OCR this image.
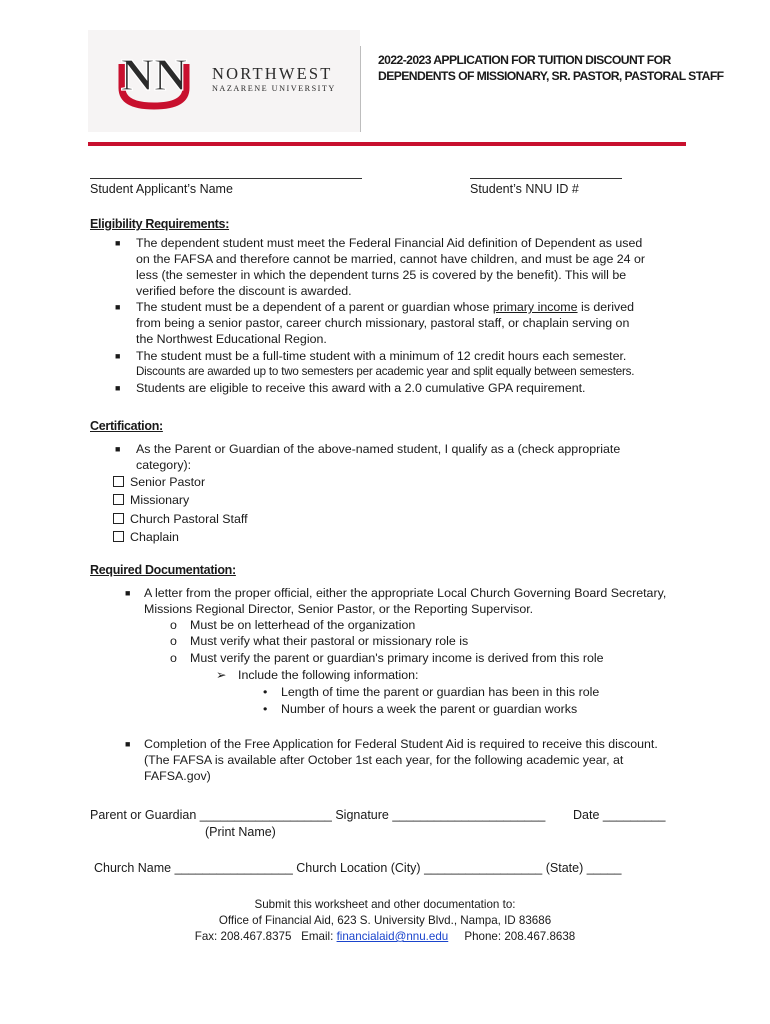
NN NORTHWEST
NAZARENE UNIVERSITY
2022-2023 APPLICATION FOR TUITION DISCOUNT FOR
DEPENDENTS OF MISSIONARY, SR. PASTOR, PASTORAL STAFF
Student Applicant’s Name	Student’s NNU ID #
Eligibility Requirements:
■ The dependent student must meet the Federal Financial Aid definition of Dependent as used
on the FAFSA and therefore cannot be married, cannot have children, and must be age 24 or
less (the semester in which the dependent turns 25 is covered by the benefit). This will be
verified before the discount is awarded.
■ The student must be a dependent of a parent or guardian whose primary income is derived
from being a senior pastor, career church missionary, pastoral staff, or chaplain serving on
the Northwest Educational Region.
■ The student must be a full-time student with a minimum of 12 credit hours each semester.
Discounts are awarded up to two semesters per academic year and split equally between semesters.
■ Students are eligible to receive this award with a 2.0 cumulative GPA requirement.
Certification:
■ As the Parent or Guardian of the above-named student, I qualify as a (check appropriate
category):
Senior Pastor
Missionary
Church Pastoral Staff
Chaplain
Required Documentation:
■ A letter from the proper official, either the appropriate Local Church Governing Board Secretary,
Missions Regional Director, Senior Pastor, or the Reporting Supervisor.
o Must be on letterhead of the organization
o Must verify what their pastoral or missionary role is
o Must verify the parent or guardian's primary income is derived from this role
➢ Include the following information:
• Length of time the parent or guardian has been in this role
• Number of hours a week the parent or guardian works
■ Completion of the Free Application for Federal Student Aid is required to receive this discount.
(The FAFSA is available after October 1st each year, for the following academic year, at
FAFSA.gov)
Parent or Guardian ___________________ Signature ______________________ Date _________
(Print Name)
Church Name _________________ Church Location (City) _________________ (State) _____
Submit this worksheet and other documentation to:
Office of Financial Aid, 623 S. University Blvd., Nampa, ID 83686
Fax: 208.467.8375 Email: financialaid@nnu.edu Phone: 208.467.8638
